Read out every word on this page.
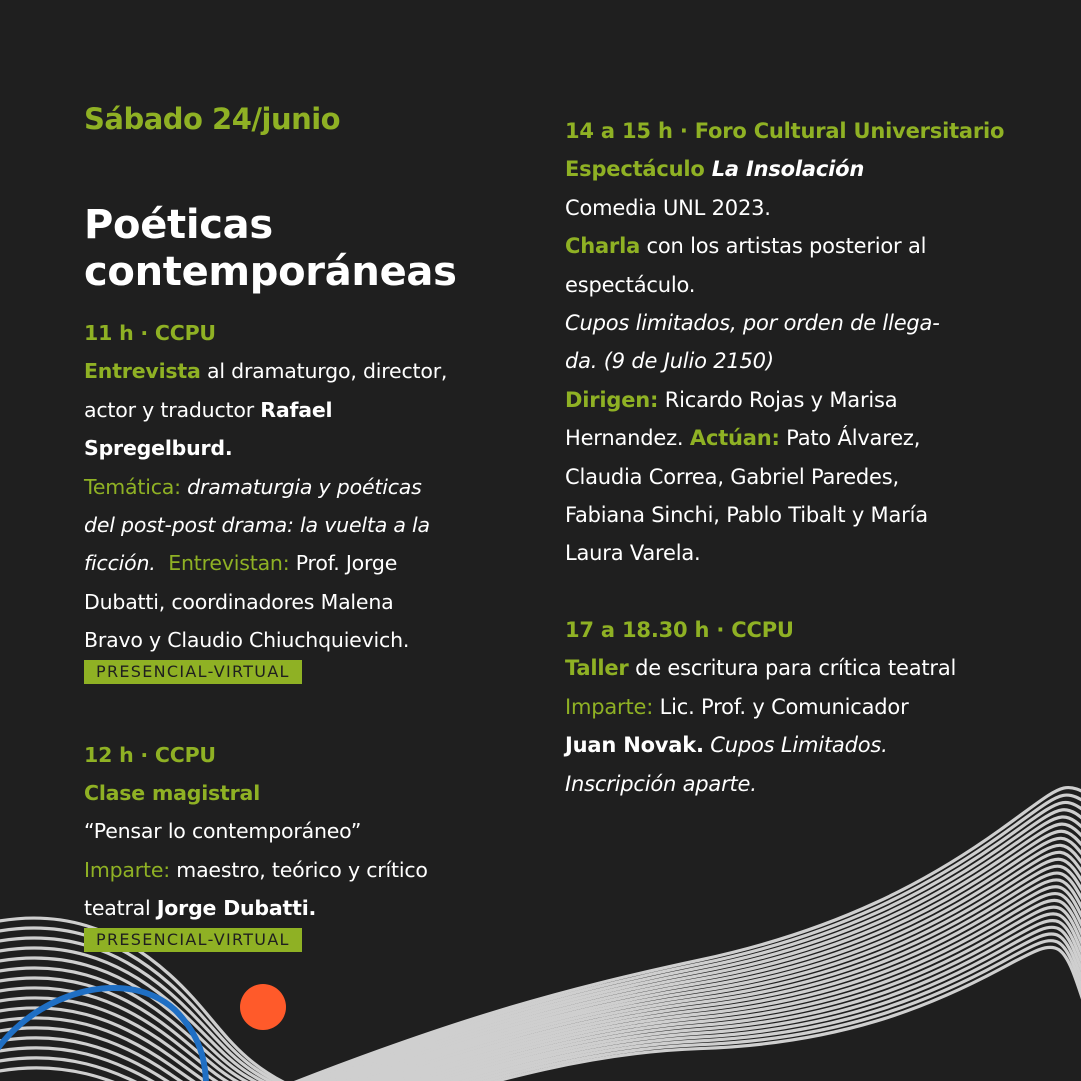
Sábado 24/junio
Poéticas
contemporáneas

11 h · CCPU

Entrevista al dramaturgo, director,

actor y traductor Rafael

Spregelburd.

Temática: dramaturgia y poéticas

del post-post drama: la vuelta a la

ficción. Entrevistan: Prof. Jorge

Dubatti, coordinadores Malena

Bravo y Claudio Chiuchquievich.

PRESENCIAL-VIRTUAL

12 h · CCPU

Clase magistral

“Pensar lo contemporáneo”

Imparte: maestro, teórico y crítico

teatral Jorge Dubatti.

PRESENCIAL-VIRTUAL

14 a 15 h · Foro Cultural Universitario

Espectáculo La Insolación

Comedia UNL 2023.

Charla con los artistas posterior al

espectáculo.

Cupos limitados, por orden de llega-

da. (9 de Julio 2150)

Dirigen: Ricardo Rojas y Marisa

Hernandez. Actúan: Pato Álvarez,

Claudia Correa, Gabriel Paredes,

Fabiana Sinchi, Pablo Tibalt y María

Laura Varela.

17 a 18.30 h · CCPU

Taller de escritura para crítica teatral

Imparte: Lic. Prof. y Comunicador

Juan Novak. Cupos Limitados.

Inscripción aparte.
